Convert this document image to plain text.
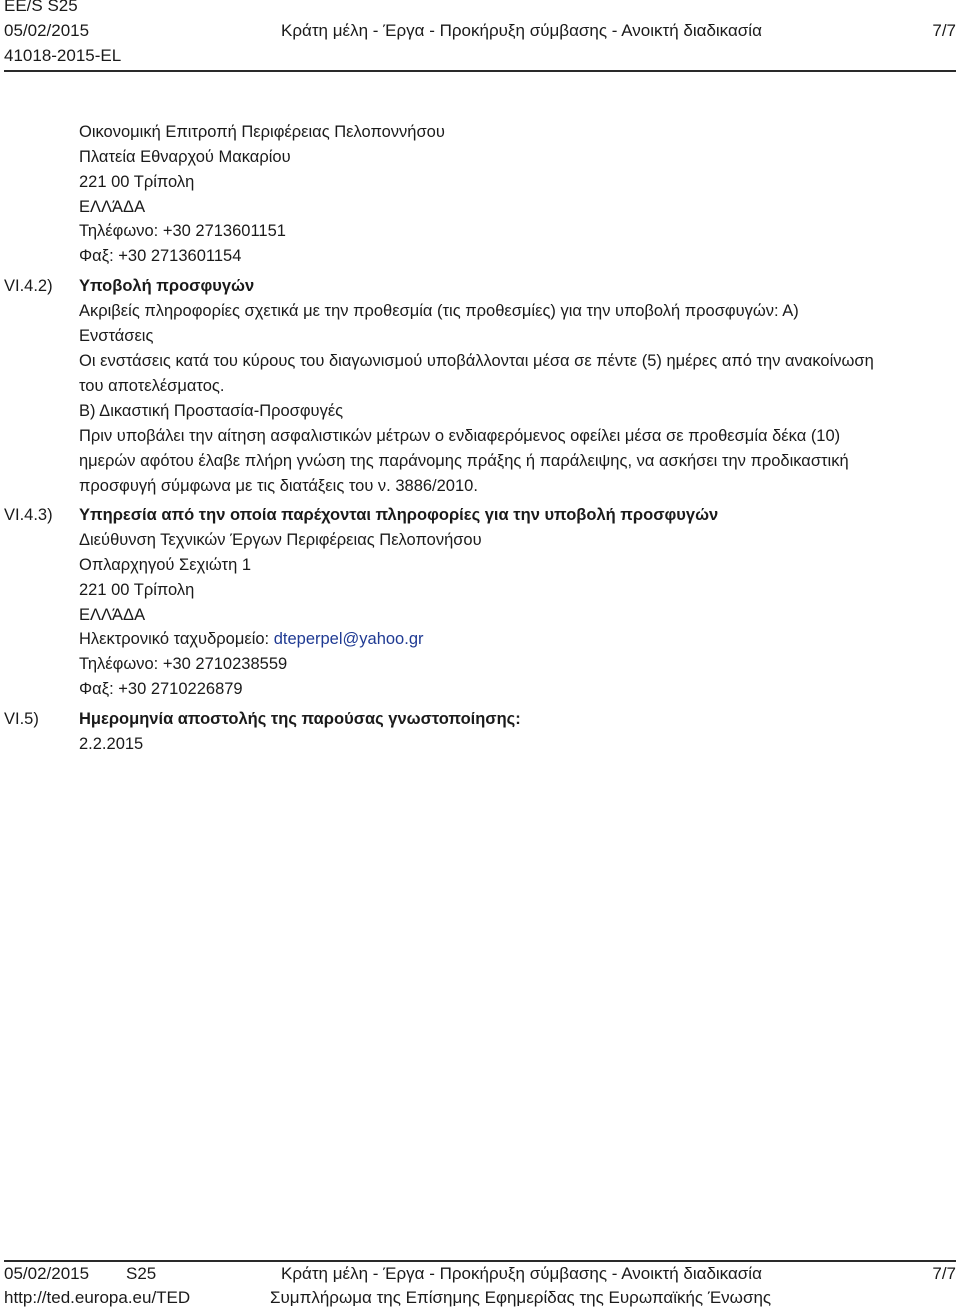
EE/S S25
05/02/2015	Κράτη μέλη - Έργα - Προκήρυξη σύμβασης - Ανοικτή διαδικασία	7/7
41018-2015-EL
Οικονομική Επιτροπή Περιφέρειας Πελοποννήσου
Πλατεία Εθναρχού Μακαρίου
221 00 Τρίπολη
ΕΛΛΆΔΑ
Τηλέφωνο: +30 2713601151
Φαξ: +30 2713601154
VI.4.2) Υποβολή προσφυγών
Ακριβείς πληροφορίες σχετικά με την προθεσμία (τις προθεσμίες) για την υποβολή προσφυγών: Α)
Ενστάσεις
Οι ενστάσεις κατά του κύρους του διαγωνισμού υποβάλλονται μέσα σε πέντε (5) ημέρες από την ανακοίνωση
του αποτελέσματος.
Β) Δικαστική Προστασία-Προσφυγές
Πριν υποβάλει την αίτηση ασφαλιστικών μέτρων ο ενδιαφερόμενος οφείλει μέσα σε προθεσμία δέκα (10)
ημερών αφότου έλαβε πλήρη γνώση της παράνομης πράξης ή παράλειψης, να ασκήσει την προδικαστική
προσφυγή σύμφωνα με τις διατάξεις του ν. 3886/2010.
VI.4.3) Υπηρεσία από την οποία παρέχονται πληροφορίες για την υποβολή προσφυγών
Διεύθυνση Τεχνικών Έργων Περιφέρειας Πελοπονήσου
Οπλαρχηγού Σεχιώτη 1
221 00 Τρίπολη
ΕΛΛΆΔΑ
Ηλεκτρονικό ταχυδρομείο: dteperpel@yahoo.gr
Τηλέφωνο: +30 2710238559
Φαξ: +30 2710226879
VI.5) Ημερομηνία αποστολής της παρούσας γνωστοποίησης:
2.2.2015
05/02/2015 S25	Κράτη μέλη - Έργα - Προκήρυξη σύμβασης - Ανοικτή διαδικασία	7/7
http://ted.europa.eu/TED	Συμπλήρωμα της Επίσημης Εφημερίδας της Ευρωπαϊκής Ένωσης
